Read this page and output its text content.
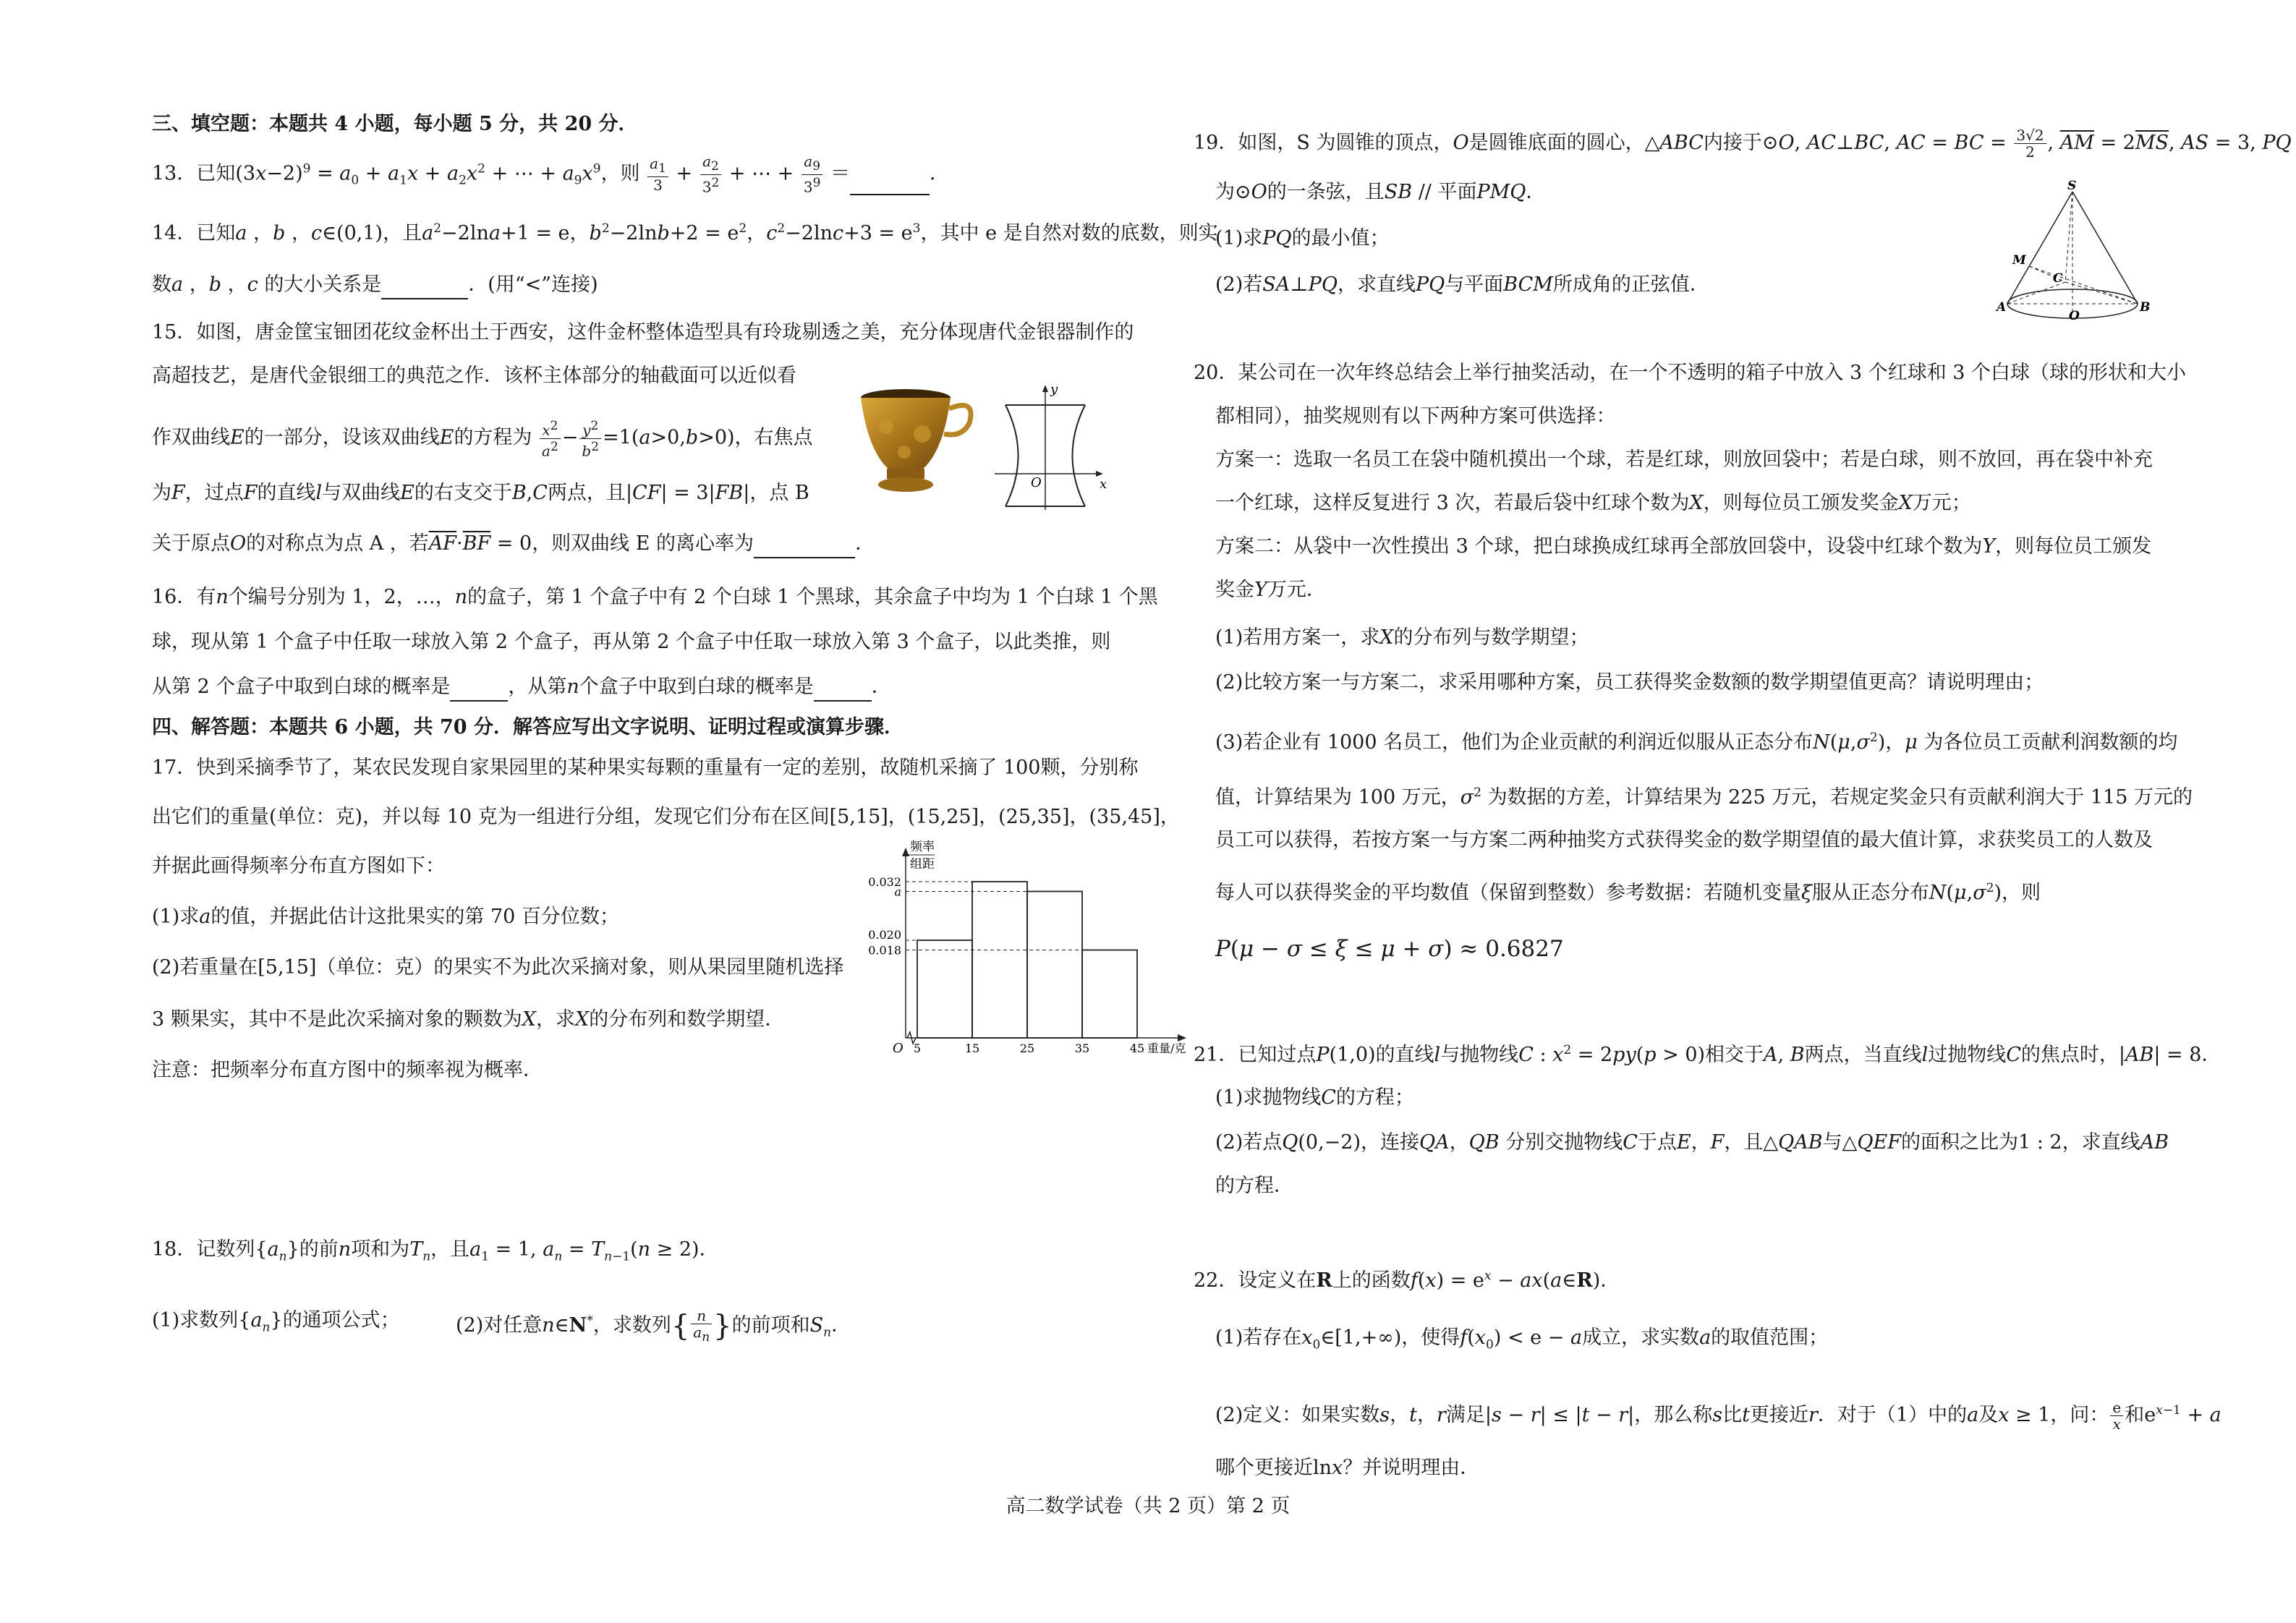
三、填空题：本题共 4 小题，每小题 5 分，共 20 分．
13．已知$(3x-2)^9 = a_0 + a_1x + a_2x^2$ + ⋯ + $a_9x^9$，则 $\frac{a_1}{3} + \frac{a_2}{3^2}$ + ⋯ + $\frac{a_9}{3^9}$ ＝	．
14．已知a ，b ，c∈(0,1)，且$a^2-2\ln a+1 = e$，$b^2-2\ln b+2 = e^2$，$c^2-2\ln c+3 = e^3$，其中 e 是自然对数的底数，则实
数a ，b ，c 的大小关系是	．(用“<”连接)
15．如图，唐金筐宝钿团花纹金杯出土于西安，这件金杯整体造型具有玲珑剔透之美，充分体现唐代金银器制作的
高超技艺，是唐代金银细工的典范之作．该杯主体部分的轴截面可以近似看
作双曲线E的一部分，设该双曲线E的方程为 $\frac{x^2}{a^2} - \frac{y^2}{b^2} =1(a>0,b>0)$，右焦点
为F，过点F的直线l与双曲线E的右支交于B,C两点，且|CF| = 3|FB|，点 B
关于原点O的对称点为点 A ，若$\overline{AF}\cdot\overline{BF} = 0$，则双曲线 E 的离心率为	．
y
x
O
16．有n个编号分别为 1，2，…，n的盒子，第 1 个盒子中有 2 个白球 1 个黑球，其余盒子中均为 1 个白球 1 个黑
球，现从第 1 个盒子中任取一球放入第 2 个盒子，再从第 2 个盒子中任取一球放入第 3 个盒子，以此类推，则
从第 2 个盒子中取到白球的概率是	，从第n个盒子中取到白球的概率是	．
四、解答题：本题共 6 小题，共 70 分．解答应写出文字说明、证明过程或演算步骤．
17．快到采摘季节了，某农民发现自家果园里的某种果实每颗的重量有一定的差别，故随机采摘了 100颗，分别称
出它们的重量(单位：克)，并以每 10 克为一组进行分组，发现它们分布在区间[5,15]，(15,25]，(25,35]，(35,45]，
并据此画得频率分布直方图如下：
(1)求a的值，并据此估计这批果实的第 70 百分位数；
(2)若重量在[5,15]（单位：克）的果实不为此次采摘对象，则从果园里随机选择
3 颗果实，其中不是此次采摘对象的颗数为X，求X的分布列和数学期望．
注意：把频率分布直方图中的频率视为概率．
0.032
a
0.020
0.018
5	15	25	35	45
频率
组距
重量/克
O
18．记数列$\{a_n\}$的前n项和为$T_n$，且$a_1 = 1$, $a_n = T_{n-1}(n \ge 2)$．
(1)求数列$\{a_n\}$的通项公式；	(2)对任意n∈N*，求数列{ $\frac{n}{a_n}$ }的前项和$S_n$．
19．如图，S 为圆锥的顶点，O是圆锥底面的圆心，△ABC内接于⊙O, AC⊥BC, AC = BC = $\frac{3√2}{2}$ , $\overline{AM} = 2\overline{MS}$, AS = 3, PQ
为⊙O的一条弦，且SB // 平面PMQ．
(1)求PQ的最小值；
(2)若SA⊥PQ，求直线PQ与平面BCM所成角的正弦值．
S
M
C
A	B
O
20．某公司在一次年终总结会上举行抽奖活动，在一个不透明的箱子中放入 3 个红球和 3 个白球（球的形状和大小
都相同），抽奖规则有以下两种方案可供选择：
方案一：选取一名员工在袋中随机摸出一个球，若是红球，则放回袋中；若是白球，则不放回，再在袋中补充
一个红球，这样反复进行 3 次，若最后袋中红球个数为X，则每位员工颁发奖金X万元；
方案二：从袋中一次性摸出 3 个球，把白球换成红球再全部放回袋中，设袋中红球个数为Y，则每位员工颁发
奖金Y万元．
(1)若用方案一，求X的分布列与数学期望；
(2)比较方案一与方案二，求采用哪种方案，员工获得奖金数额的数学期望值更高？请说明理由；
(3)若企业有 1000 名员工，他们为企业贡献的利润近似服从正态分布$N(\mu,\sigma^2)$，μ 为各位员工贡献利润数额的均
值，计算结果为 100 万元，$\sigma^2$ 为数据的方差，计算结果为 225 万元，若规定奖金只有贡献利润大于 115 万元的
员工可以获得，若按方案一与方案二两种抽奖方式获得奖金的数学期望值的最大值计算，求获奖员工的人数及
每人可以获得奖金的平均数值（保留到整数）参考数据：若随机变量ξ服从正态分布$N(\mu,\sigma^2)$，则
P(μ − σ ≤ ξ ≤ μ + σ) ≈ 0.6827
21．已知过点P(1,0)的直线l与抛物线C : $x^2 = 2py(p > 0)$相交于A, B两点，当直线l过抛物线C的焦点时，|AB| = 8．
(1)求抛物线C的方程；
(2)若点Q(0,−2)，连接QA，QB 分别交抛物线C于点E，F，且△QAB与△QEF的面积之比为1 : 2，求直线AB
的方程．
22．设定义在R上的函数$f(x) = e^x$ − ax(a∈R)．
(1)若存在$x_0\in[1,+\infty)$，使得$f(x_0) < e - a$成立，求实数a的取值范围；
(2)定义：如果实数s，t，r满足|s − r| ≤ |t − r|，那么称s比t更接近r．对于（1）中的a及x ≥ 1，问： $\frac{e}{x}$ 和$e^{x-1} + a$
哪个更接近lnx？并说明理由．
高二数学试卷（共 2 页）第 2 页
